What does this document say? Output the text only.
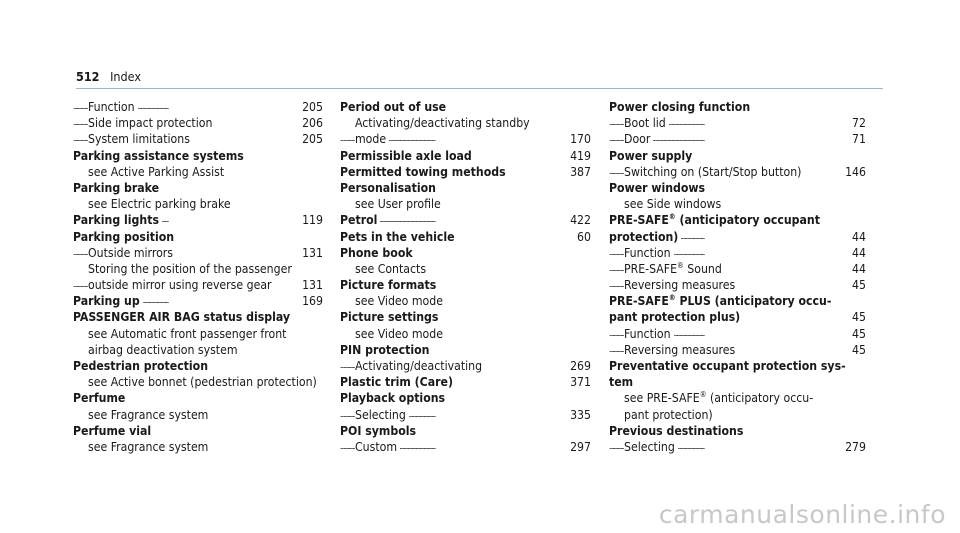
512 Index
Function	205
. . .
Side impact protection	206
. . .
System limitations	205
. . .
Parking assistance systems
see Active Parking Assist
Parking brake
see Electric parking brake
Parking lights	119
. . .
Parking position
Outside mirrors	131
. . .
Storing the position of the passenger
outside mirror using reverse gear	131
. . .
Parking up	169
. . .
PASSENGER AIR BAG status display
see Automatic front passenger front
airbag deactivation system
Pedestrian protection
see Active bonnet (pedestrian protection)
Perfume
see Fragrance system
Perfume vial
see Fragrance system
Period out of use
Activating/deactivating standby
mode	170
. . .
Permissible axle load	419
. . .
Permitted towing methods	387
. . .
Personalisation
see User profile
Petrol	422
. . .
Pets in the vehicle	60
. . .
Phone book
see Contacts
Picture formats
see Video mode
Picture settings
see Video mode
PIN protection
Activating/deactivating	269
. . .
Plastic trim (Care)	371
. . .
Playback options
Selecting	335
. . .
POI symbols
Custom	297
. . .
Power closing function
Boot lid	72
. . .
Door	71
. . .
Power supply
Switching on (Start/Stop button)	146
. . .
Power windows
see Side windows
PRE-SAFE® (anticipatory occupant
protection)	44
. . .
Function	44
. . .
PRE-SAFE® Sound	44
. . .
Reversing measures	45
. . .
PRE-SAFE® PLUS (anticipatory occu-
pant protection plus)	45
. . .
Function	45
. . .
Reversing measures	45
. . .
Preventative occupant protection sys-
tem
see PRE-SAFE® (anticipatory occu-
pant protection)
Previous destinations
Selecting	279
. . .
carmanualsonline.info
